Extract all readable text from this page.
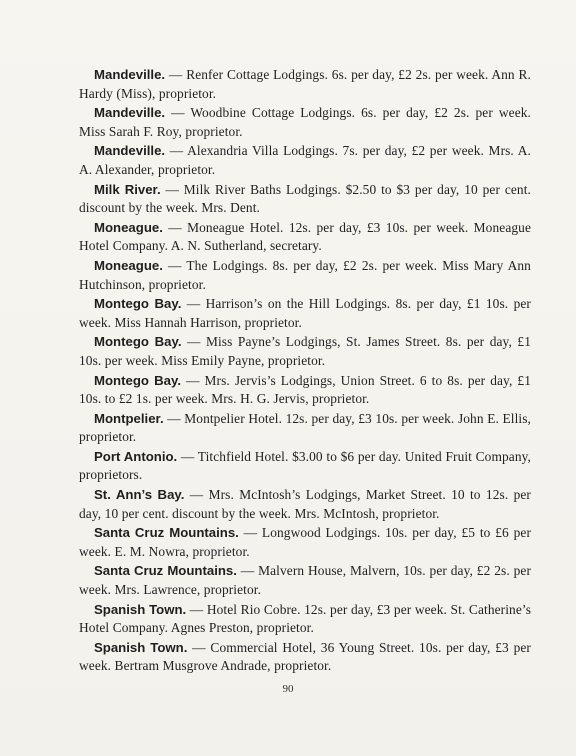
Mandeville. — Renfer Cottage Lodgings. 6s. per day, £2 2s. per week. Ann R. Hardy (Miss), proprietor.

Mandeville. — Woodbine Cottage Lodgings. 6s. per day, £2 2s. per week. Miss Sarah F. Roy, proprietor.

Mandeville. — Alexandria Villa Lodgings. 7s. per day, £2 per week. Mrs. A. A. Alexander, proprietor.

Milk River. — Milk River Baths Lodgings. $2.50 to $3 per day, 10 per cent. discount by the week. Mrs. Dent.

Moneague. — Moneague Hotel. 12s. per day, £3 10s. per week. Moneague Hotel Company. A. N. Sutherland, secretary.

Moneague. — The Lodgings. 8s. per day, £2 2s. per week. Miss Mary Ann Hutchinson, proprietor.

Montego Bay. — Harrison’s on the Hill Lodgings. 8s. per day, £1 10s. per week. Miss Hannah Harrison, proprietor.

Montego Bay. — Miss Payne’s Lodgings, St. James Street. 8s. per day, £1 10s. per week. Miss Emily Payne, proprietor.

Montego Bay. — Mrs. Jervis’s Lodgings, Union Street. 6 to 8s. per day, £1 10s. to £2 1s. per week. Mrs. H. G. Jervis, proprietor.

Montpelier. — Montpelier Hotel. 12s. per day, £3 10s. per week. John E. Ellis, proprietor.

Port Antonio. — Titchfield Hotel. $3.00 to $6 per day. United Fruit Company, proprietors.

St. Ann’s Bay. — Mrs. McIntosh’s Lodgings, Market Street. 10 to 12s. per day, 10 per cent. discount by the week. Mrs. McIntosh, proprietor.

Santa Cruz Mountains. — Longwood Lodgings. 10s. per day, £5 to £6 per week. E. M. Nowra, proprietor.

Santa Cruz Mountains. — Malvern House, Malvern, 10s. per day, £2 2s. per week. Mrs. Lawrence, proprietor.

Spanish Town. — Hotel Rio Cobre. 12s. per day, £3 per week. St. Catherine’s Hotel Company. Agnes Preston, proprietor.

Spanish Town. — Commercial Hotel, 36 Young Street. 10s. per day, £3 per week. Bertram Musgrove Andrade, proprietor.

90
